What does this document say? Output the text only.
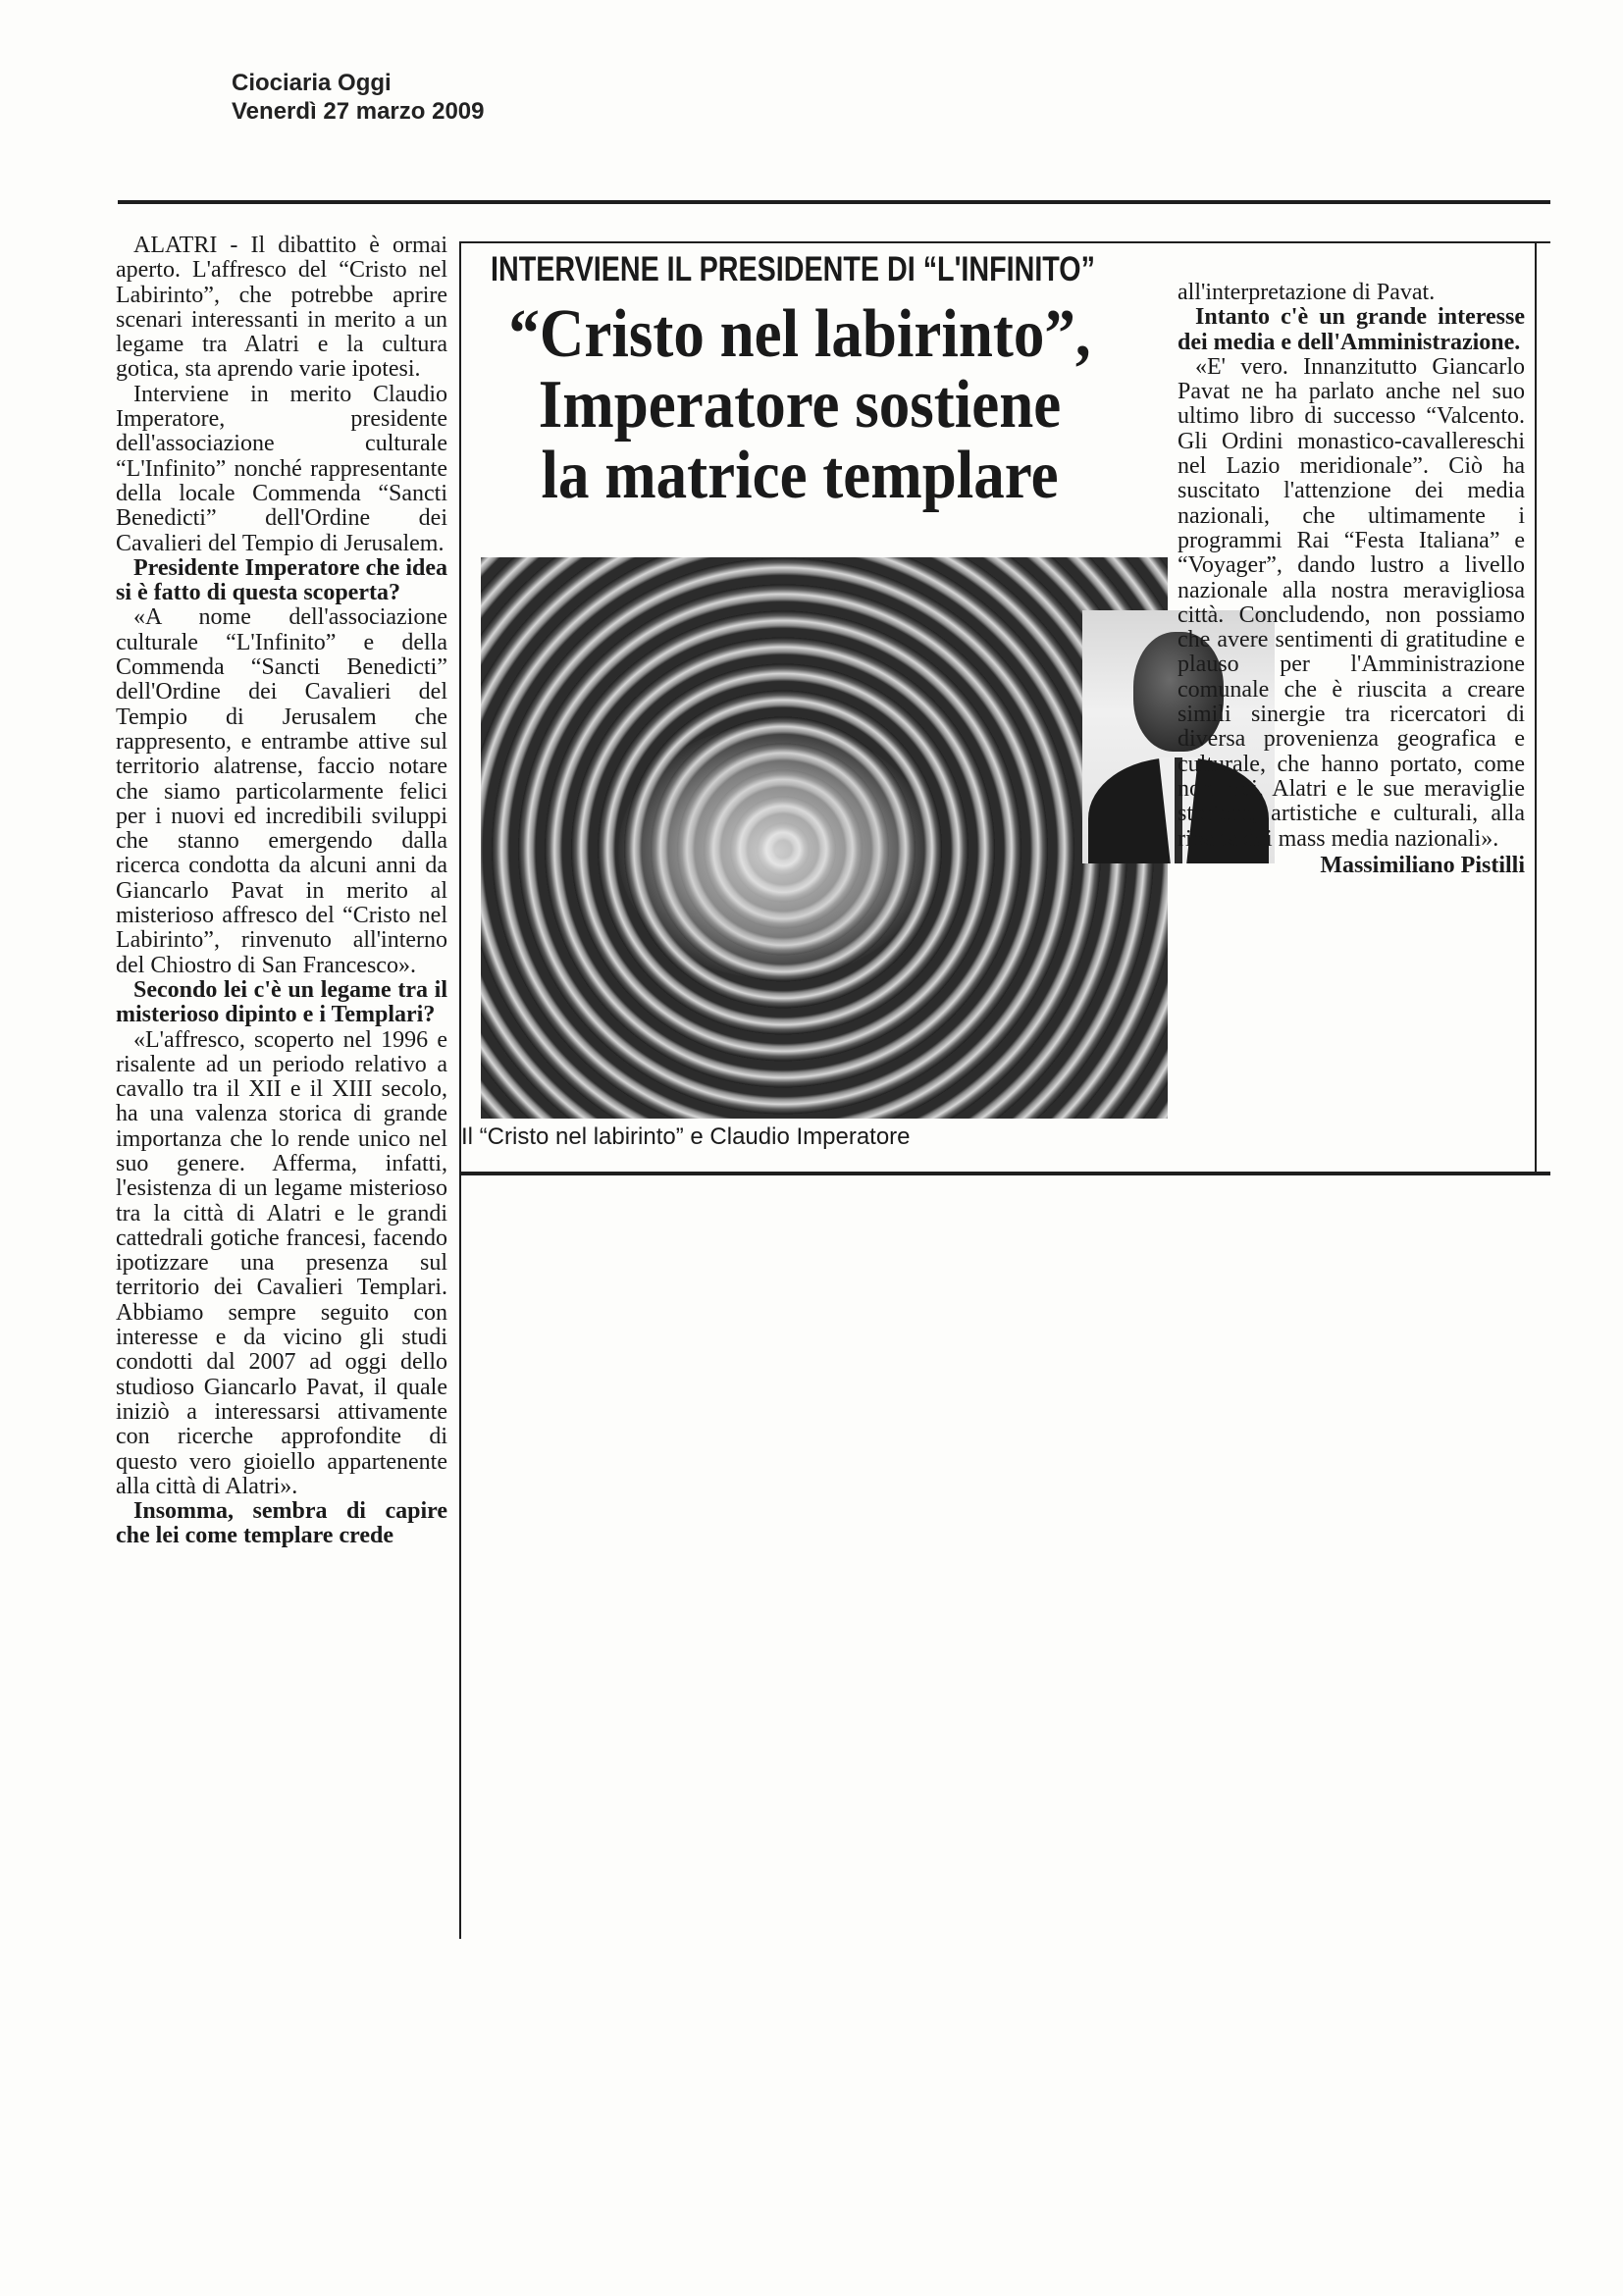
Ciociaria Oggi
Venerdì 27 marzo 2009

ALATRI - Il dibattito è ormai aperto. L'affresco del “Cristo nel Labirinto”, che potrebbe aprire scenari interessanti in merito a un legame tra Alatri e la cultura gotica, sta aprendo varie ipotesi.

Interviene in merito Claudio Imperatore, presidente dell'associazione culturale “L'Infinito” nonché rappresentante della locale Commenda “Sancti Benedicti” dell'Ordine dei Cavalieri del Tempio di Jerusalem.

Presidente Imperatore che idea si è fatto di questa scoperta?

«A nome dell'associazione culturale “L'Infinito” e della Commenda “Sancti Benedicti” dell'Ordine dei Cavalieri del Tempio di Jerusalem che rappresento, e entrambe attive sul territorio alatrense, faccio notare che siamo particolarmente felici per i nuovi ed incredibili sviluppi che stanno emergendo dalla ricerca condotta da alcuni anni da Giancarlo Pavat in merito al misterioso affresco del “Cristo nel Labirinto”, rinvenuto all'interno del Chiostro di San Francesco».

Secondo lei c'è un legame tra il misterioso dipinto e i Templari?

«L'affresco, scoperto nel 1996 e risalente ad un periodo relativo a cavallo tra il XII e il XIII secolo, ha una valenza storica di grande importanza che lo rende unico nel suo genere. Afferma, infatti, l'esistenza di un legame misterioso tra la città di Alatri e le grandi cattedrali gotiche francesi, facendo ipotizzare una presenza sul territorio dei Cavalieri Templari. Abbiamo sempre seguito con interesse e da vicino gli studi condotti dal 2007 ad oggi dello studioso Giancarlo Pavat, il quale iniziò a interessarsi attivamente con ricerche approfondite di questo vero gioiello appartenente alla città di Alatri».

Insomma, sembra di capire che lei come templare crede

INTERVIENE IL PRESIDENTE DI “L'INFINITO”
“Cristo nel labirinto”,
Imperatore sostiene
la matrice templare
Il “Cristo nel labirinto” e Claudio Imperatore

all'interpretazione di Pavat.

Intanto c'è un grande interesse dei media e dell'Amministrazione.

«E' vero. Innanzitutto Giancarlo Pavat ne ha parlato anche nel suo ultimo libro di successo “Valcento. Gli Ordini monastico-cavallereschi nel Lazio meridionale”. Ciò ha suscitato l'attenzione dei media nazionali, che ultimamente i programmi Rai “Festa Italiana” e “Voyager”, dando lustro a livello nazionale alla nostra meravigliosa città. Concludendo, non possiamo che avere sentimenti di gratitudine e plauso per l'Amministrazione comunale che è riuscita a creare simili sinergie tra ricercatori di diversa provenienza geografica e culturale, che hanno portato, come non mai, Alatri e le sue meraviglie storiche, artistiche e culturali, alla ribalta dei mass media nazionali».

Massimiliano Pistilli
